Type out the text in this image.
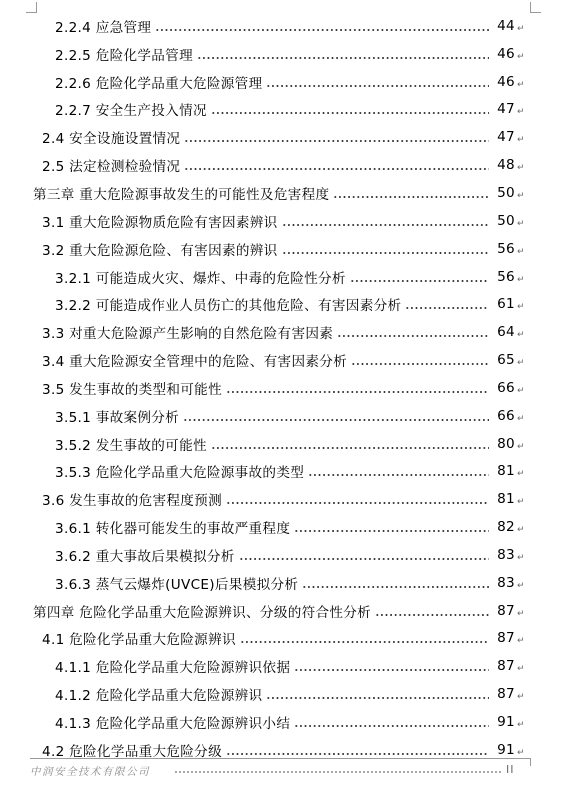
2.2.4 应急管理	44 ↵
2.2.5 危险化学品管理	46 ↵
2.2.6 危险化学品重大危险源管理	46 ↵
2.2.7 安全生产投入情况	47 ↵
2.4 安全设施设置情况	47 ↵
2.5 法定检测检验情况	48 ↵
第三章 重大危险源事故发生的可能性及危害程度	50 ↵
3.1 重大危险源物质危险有害因素辨识	50 ↵
3.2 重大危险源危险、有害因素的辨识	56 ↵
3.2.1 可能造成火灾、爆炸、中毒的危险性分析	56 ↵
3.2.2 可能造成作业人员伤亡的其他危险、有害因素分析	61 ↵
3.3 对重大危险源产生影响的自然危险有害因素	64 ↵
3.4 重大危险源安全管理中的危险、有害因素分析	65 ↵
3.5 发生事故的类型和可能性	66 ↵
3.5.1 事故案例分析	66 ↵
3.5.2 发生事故的可能性	80 ↵
3.5.3 危险化学品重大危险源事故的类型	81 ↵
3.6 发生事故的危害程度预测	81 ↵
3.6.1 转化器可能发生的事故严重程度	82 ↵
3.6.2 重大事故后果模拟分析	83 ↵
3.6.3 蒸气云爆炸(UVCE)后果模拟分析	83 ↵
第四章 危险化学品重大危险源辨识、分级的符合性分析	87 ↵
4.1 危险化学品重大危险源辨识	87 ↵
4.1.1 危险化学品重大危险源辨识依据	87 ↵
4.1.2 危险化学品重大危险源辨识	87 ↵
4.1.3 危险化学品重大危险源辨识小结	91 ↵
4.2 危险化学品重大危险分级	91 ↵
中润安全技术有限公司	II
